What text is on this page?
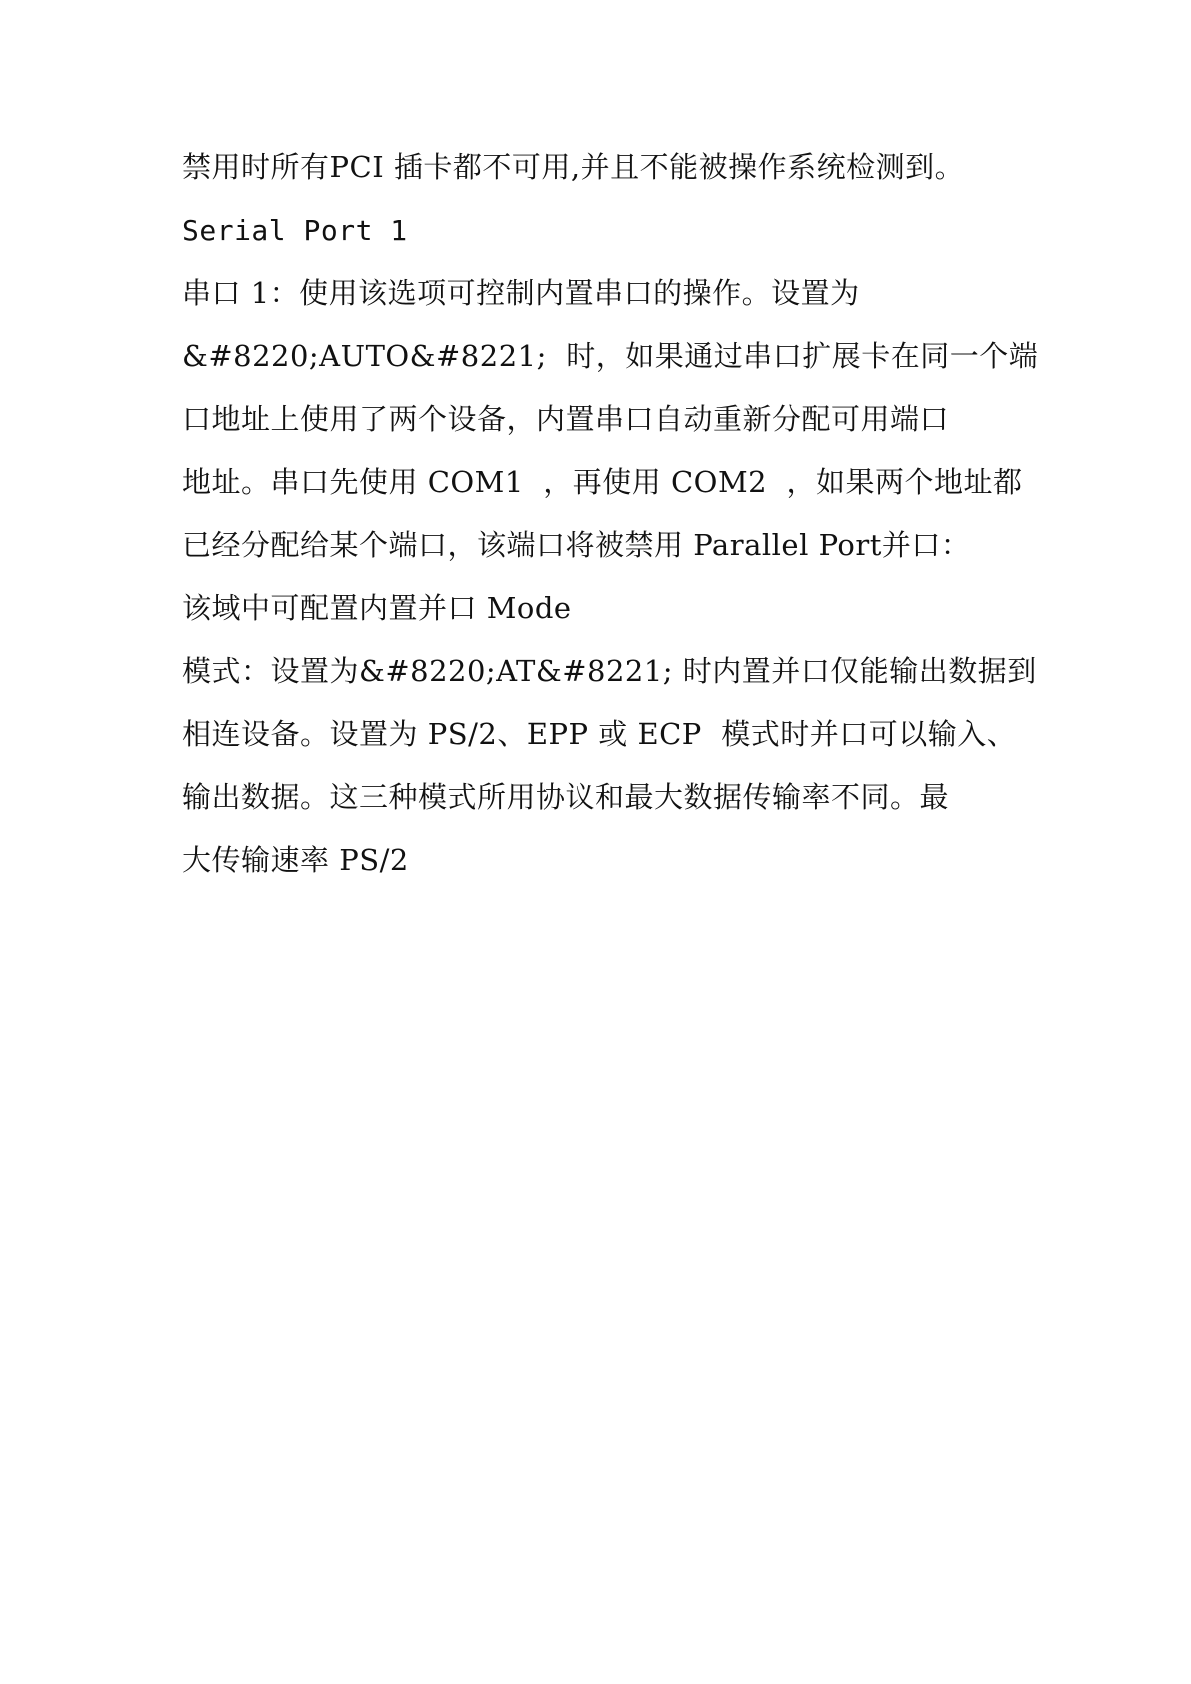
禁用时所有PCI 插卡都不可用,并且不能被操作系统检测到。
Serial Port 1
串口 1：使用该选项可控制内置串口的操作。设置为
&#8220;AUTO&#8221;  时，如果通过串口扩展卡在同一个端
口地址上使用了两个设备，内置串口自动重新分配可用端口
地址。串口先使用 COM1  ，再使用 COM2  ，如果两个地址都
已经分配给某个端口，该端口将被禁用 Parallel Port并口：
该域中可配置内置并口 Mode
模式：设置为&#8220;AT&#8221; 时内置并口仅能输出数据到
相连设备。设置为 PS/2、EPP 或 ECP  模式时并口可以输入、
输出数据。这三种模式所用协议和最大数据传输率不同。最
大传输速率 PS/2
